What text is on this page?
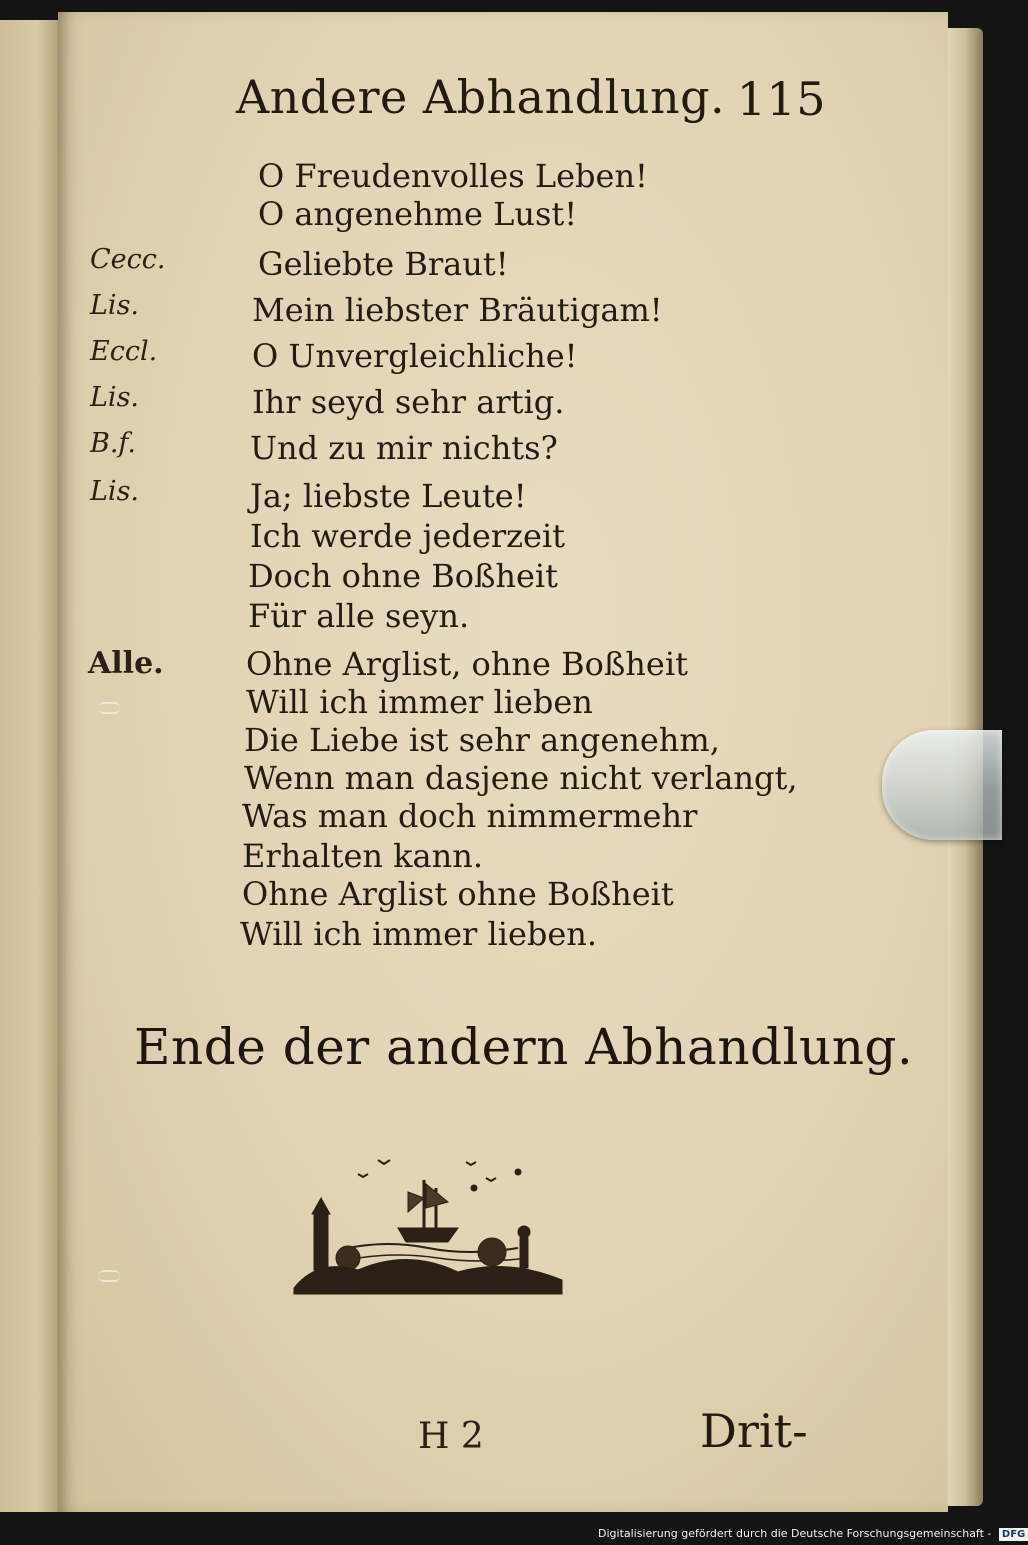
Andere Abhandlung. 115
Cecc.
Lis.
Eccl.
Lis.
B.f.
Lis.
Alle.
O Freudenvolles Leben!
O angenehme Lust!
Geliebte Braut!
Mein liebster Bräutigam!
O Unvergleichliche!
Ihr seyd sehr artig.
Und zu mir nichts?
Ja; liebste Leute!
Ich werde jederzeit
Doch ohne Boßheit
Für alle seyn.
Ohne Arglist, ohne Boßheit
Will ich immer lieben
Die Liebe ist sehr angenehm,
Wenn man dasjene nicht verlangt,
Was man doch nimmermehr
Erhalten kann.
Ohne Arglist ohne Boßheit
Will ich immer lieben.
Ende der andern Abhandlung.
H 2	Drit-
Digitalisierung gefördert durch die Deutsche Forschungsgemeinschaft - DFG
